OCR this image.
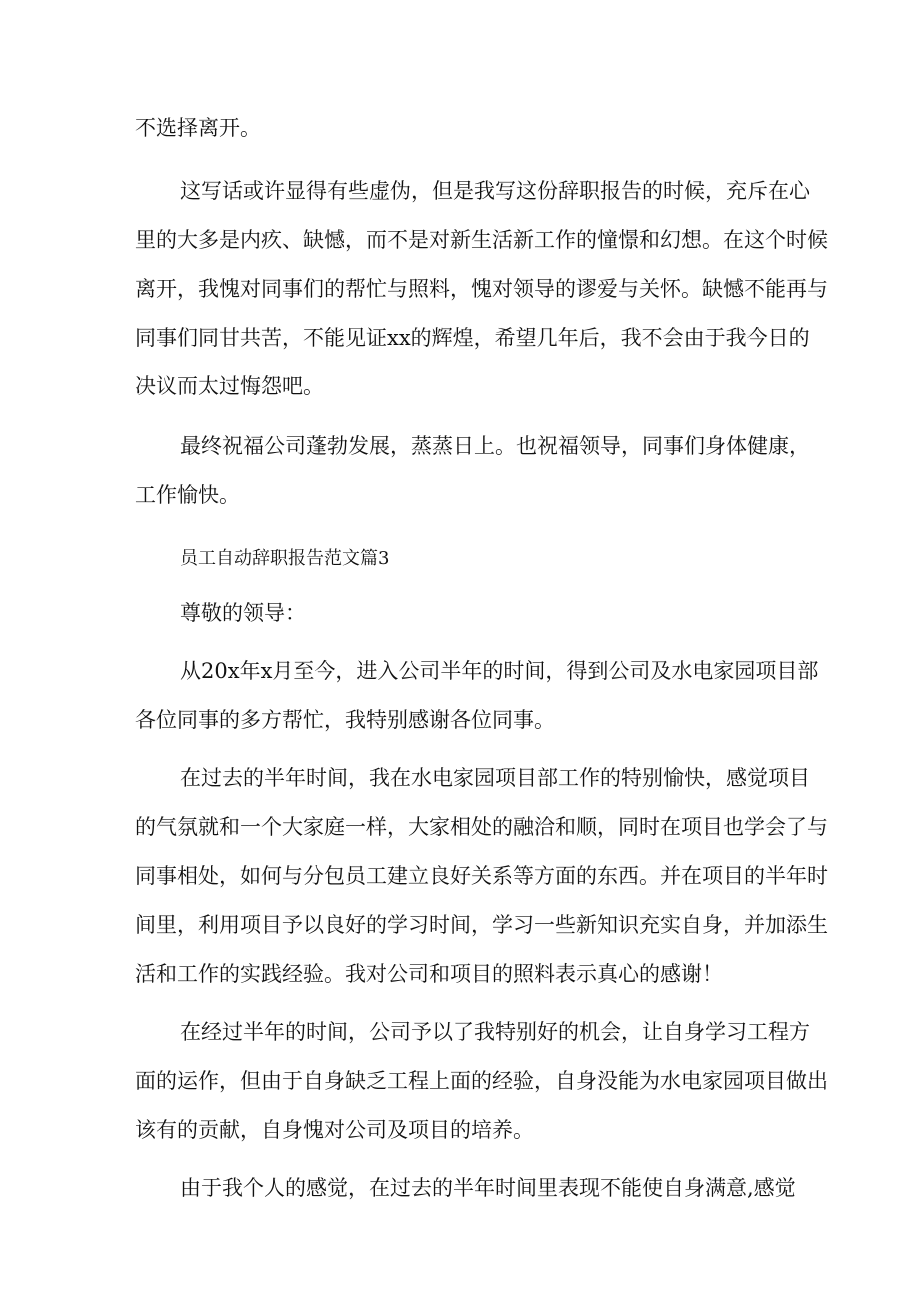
不选择离开。
这写话或许显得有些虚伪，但是我写这份辞职报告的时候，充斥在心
里的大多是内疚、缺憾，而不是对新生活新工作的憧憬和幻想。在这个时候
离开，我愧对同事们的帮忙与照料，愧对领导的谬爱与关怀。缺憾不能再与
同事们同甘共苦，不能见证xx的辉煌，希望几年后，我不会由于我今日的
决议而太过悔怨吧。
最终祝福公司蓬勃发展，蒸蒸日上。也祝福领导，同事们身体健康，
工作愉快。
员工自动辞职报告范文篇3
尊敬的领导：
从20x年x月至今，进入公司半年的时间，得到公司及水电家园项目部
各位同事的多方帮忙，我特别感谢各位同事。
在过去的半年时间，我在水电家园项目部工作的特别愉快，感觉项目
的气氛就和一个大家庭一样，大家相处的融洽和顺，同时在项目也学会了与
同事相处，如何与分包员工建立良好关系等方面的东西。并在项目的半年时
间里，利用项目予以良好的学习时间，学习一些新知识充实自身，并加添生
活和工作的实践经验。我对公司和项目的照料表示真心的感谢！
在经过半年的时间，公司予以了我特别好的机会，让自身学习工程方
面的运作，但由于自身缺乏工程上面的经验，自身没能为水电家园项目做出
该有的贡献，自身愧对公司及项目的培养。
由于我个人的感觉，在过去的半年时间里表现不能使自身满意,感觉
